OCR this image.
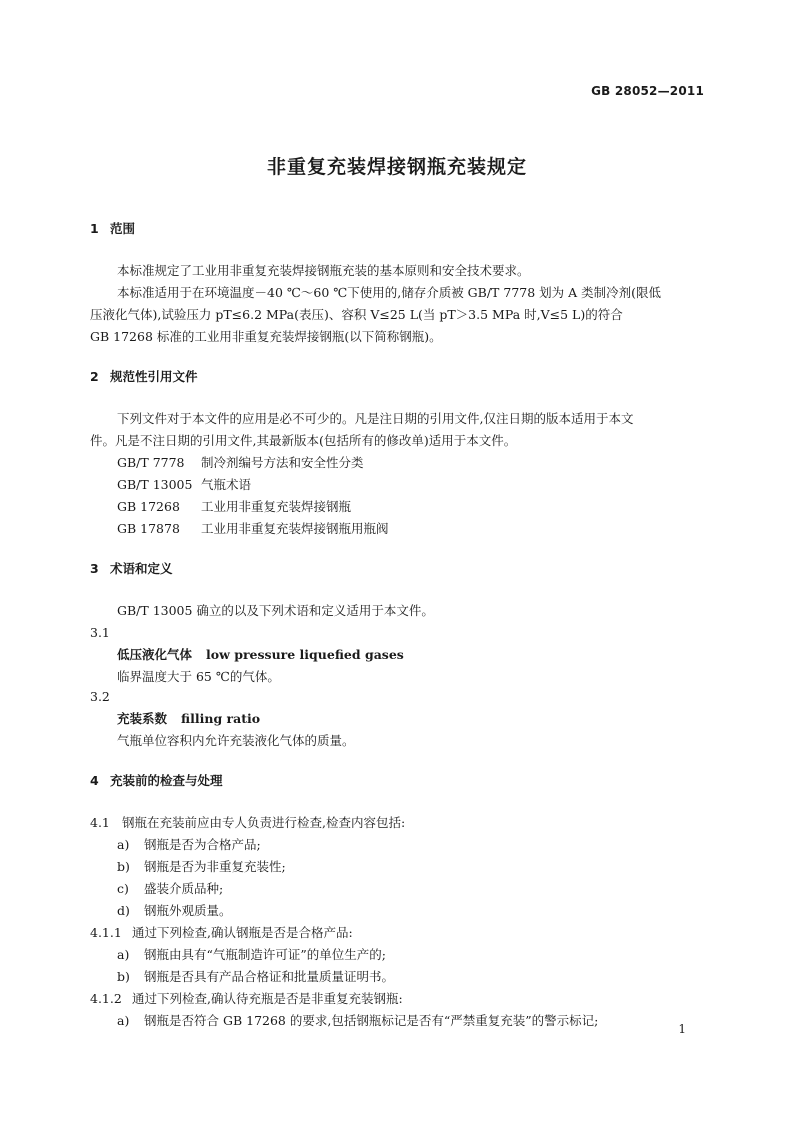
GB 28052—2011
非重复充装焊接钢瓶充装规定
1 范围
本标准规定了工业用非重复充装焊接钢瓶充装的基本原则和安全技术要求。
本标准适用于在环境温度－40 ℃～60 ℃下使用的,储存介质被 GB/T 7778 划为 A 类制冷剂(限低
压液化气体),试验压力 pT≤6.2 MPa(表压)、容积 V≤25 L(当 pT＞3.5 MPa 时,V≤5 L)的符合
GB 17268 标准的工业用非重复充装焊接钢瓶(以下简称钢瓶)。
2 规范性引用文件
下列文件对于本文件的应用是必不可少的。凡是注日期的引用文件,仅注日期的版本适用于本文
件。凡是不注日期的引用文件,其最新版本(包括所有的修改单)适用于本文件。
GB/T 7778 制冷剂编号方法和安全性分类
GB/T 13005 气瓶术语
GB 17268 工业用非重复充装焊接钢瓶
GB 17878 工业用非重复充装焊接钢瓶用瓶阀
3 术语和定义
GB/T 13005 确立的以及下列术语和定义适用于本文件。
3.1
低压液化气体 low pressure liquefied gases
临界温度大于 65 ℃的气体。
3.2
充装系数 filling ratio
气瓶单位容积内允许充装液化气体的质量。
4 充装前的检查与处理
4.1 钢瓶在充装前应由专人负责进行检查,检查内容包括:
a) 钢瓶是否为合格产品;
b) 钢瓶是否为非重复充装性;
c) 盛装介质品种;
d) 钢瓶外观质量。
4.1.1 通过下列检查,确认钢瓶是否是合格产品:
a) 钢瓶由具有“气瓶制造许可证”的单位生产的;
b) 钢瓶是否具有产品合格证和批量质量证明书。
4.1.2 通过下列检查,确认待充瓶是否是非重复充装钢瓶:
a) 钢瓶是否符合 GB 17268 的要求,包括钢瓶标记是否有“严禁重复充装”的警示标记;
1
